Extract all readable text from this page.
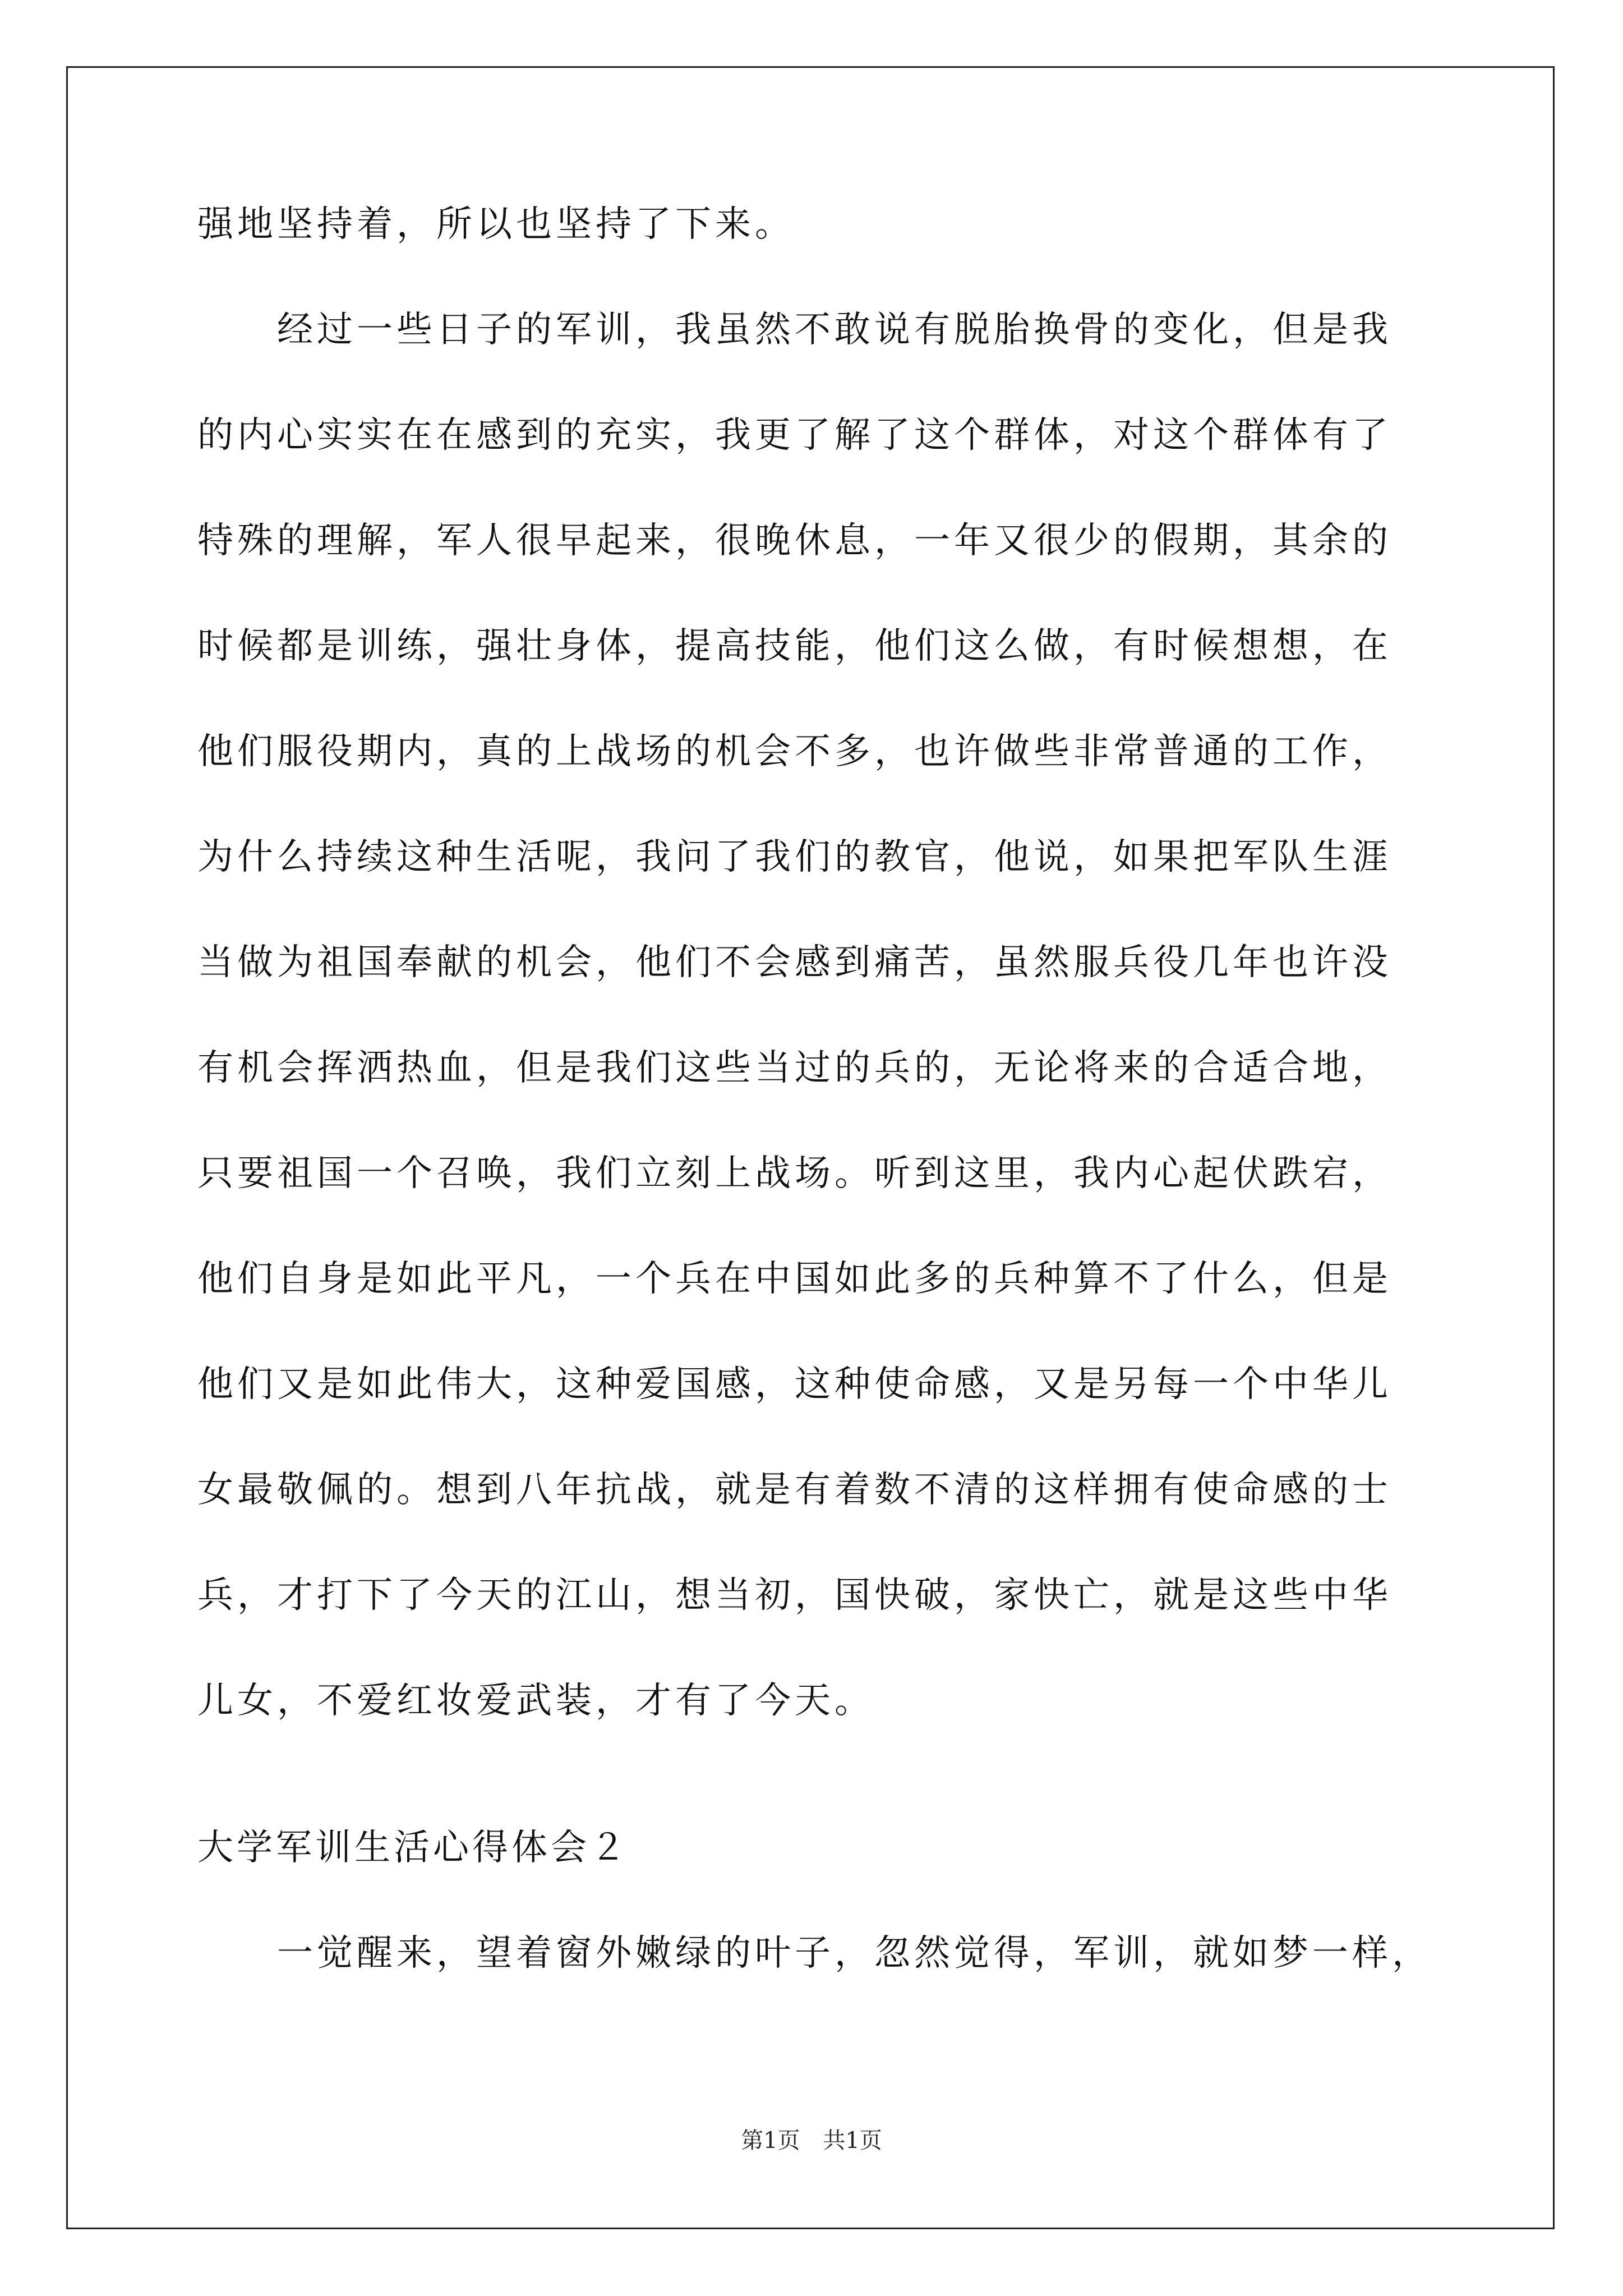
强地坚持着，所以也坚持了下来。
经过一些日子的军训，我虽然不敢说有脱胎换骨的变化，但是我
的内心实实在在感到的充实，我更了解了这个群体，对这个群体有了
特殊的理解，军人很早起来，很晚休息，一年又很少的假期，其余的
时候都是训练，强壮身体，提高技能，他们这么做，有时候想想，在
他们服役期内，真的上战场的机会不多，也许做些非常普通的工作，
为什么持续这种生活呢，我问了我们的教官，他说，如果把军队生涯
当做为祖国奉献的机会，他们不会感到痛苦，虽然服兵役几年也许没
有机会挥洒热血，但是我们这些当过的兵的，无论将来的合适合地，
只要祖国一个召唤，我们立刻上战场。听到这里，我内心起伏跌宕，
他们自身是如此平凡，一个兵在中国如此多的兵种算不了什么，但是
他们又是如此伟大，这种爱国感，这种使命感，又是另每一个中华儿
女最敬佩的。想到八年抗战，就是有着数不清的这样拥有使命感的士
兵，才打下了今天的江山，想当初，国快破，家快亡，就是这些中华
儿女，不爱红妆爱武装，才有了今天。
大学军训生活心得体会２
一觉醒来，望着窗外嫩绿的叶子，忽然觉得，军训，就如梦一样，
第1页 共1页
